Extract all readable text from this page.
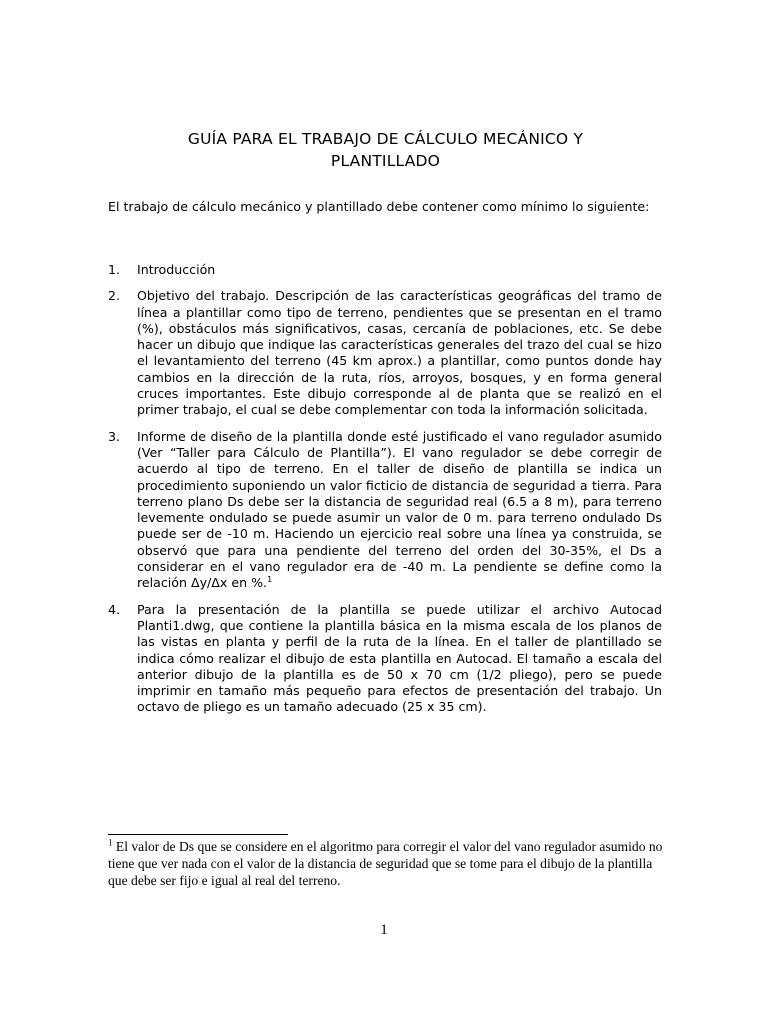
GUÍA PARA EL TRABAJO DE CÁLCULO MECÁNICO Y
PLANTILLADO

El trabajo de cálculo mecánico y plantillado debe contener como mínimo lo siguiente:

1. Introducción
2. Objetivo del trabajo. Descripción de las características geográficas del tramo de línea a plantillar como tipo de terreno, pendientes que se presentan en el tramo (%), obstáculos más significativos, casas, cercanía de poblaciones, etc. Se debe hacer un dibujo que indique las características generales del trazo del cual se hizo el levantamiento del terreno (45 km aprox.) a plantillar, como puntos donde hay cambios en la dirección de la ruta, ríos, arroyos, bosques, y en forma general cruces importantes. Este dibujo corresponde al de planta que se realizó en el primer trabajo, el cual se debe complementar con toda la información solicitada.
3. Informe de diseño de la plantilla donde esté justificado el vano regulador asumido (Ver “Taller para Cálculo de Plantilla”). El vano regulador se debe corregir de acuerdo al tipo de terreno. En el taller de diseño de plantilla se indica un procedimiento suponiendo un valor ficticio de distancia de seguridad a tierra. Para terreno plano Ds debe ser la distancia de seguridad real (6.5 a 8 m), para terreno levemente ondulado se puede asumir un valor de 0 m. para terreno ondulado Ds puede ser de -10 m. Haciendo un ejercicio real sobre una línea ya construida, se observó que para una pendiente del terreno del orden del 30-35%, el Ds a considerar en el vano regulador era de -40 m. La pendiente se define como la relación Δy/Δx en %.$^1$
4. Para la presentación de la plantilla se puede utilizar el archivo Autocad Planti1.dwg, que contiene la plantilla básica en la misma escala de los planos de las vistas en planta y perfil de la ruta de la línea. En el taller de plantillado se indica cómo realizar el dibujo de esta plantilla en Autocad. El tamaño a escala del anterior dibujo de la plantilla es de 50 x 70 cm (1/2 pliego), pero se puede imprimir en tamaño más pequeño para efectos de presentación del trabajo. Un octavo de pliego es un tamaño adecuado (25 x 35 cm).
$^1$ El valor de Ds que se considere en el algoritmo para corregir el valor del vano regulador asumido no tiene que ver nada con el valor de la distancia de seguridad que se tome para el dibujo de la plantilla que debe ser fijo e igual al real del terreno.
1
